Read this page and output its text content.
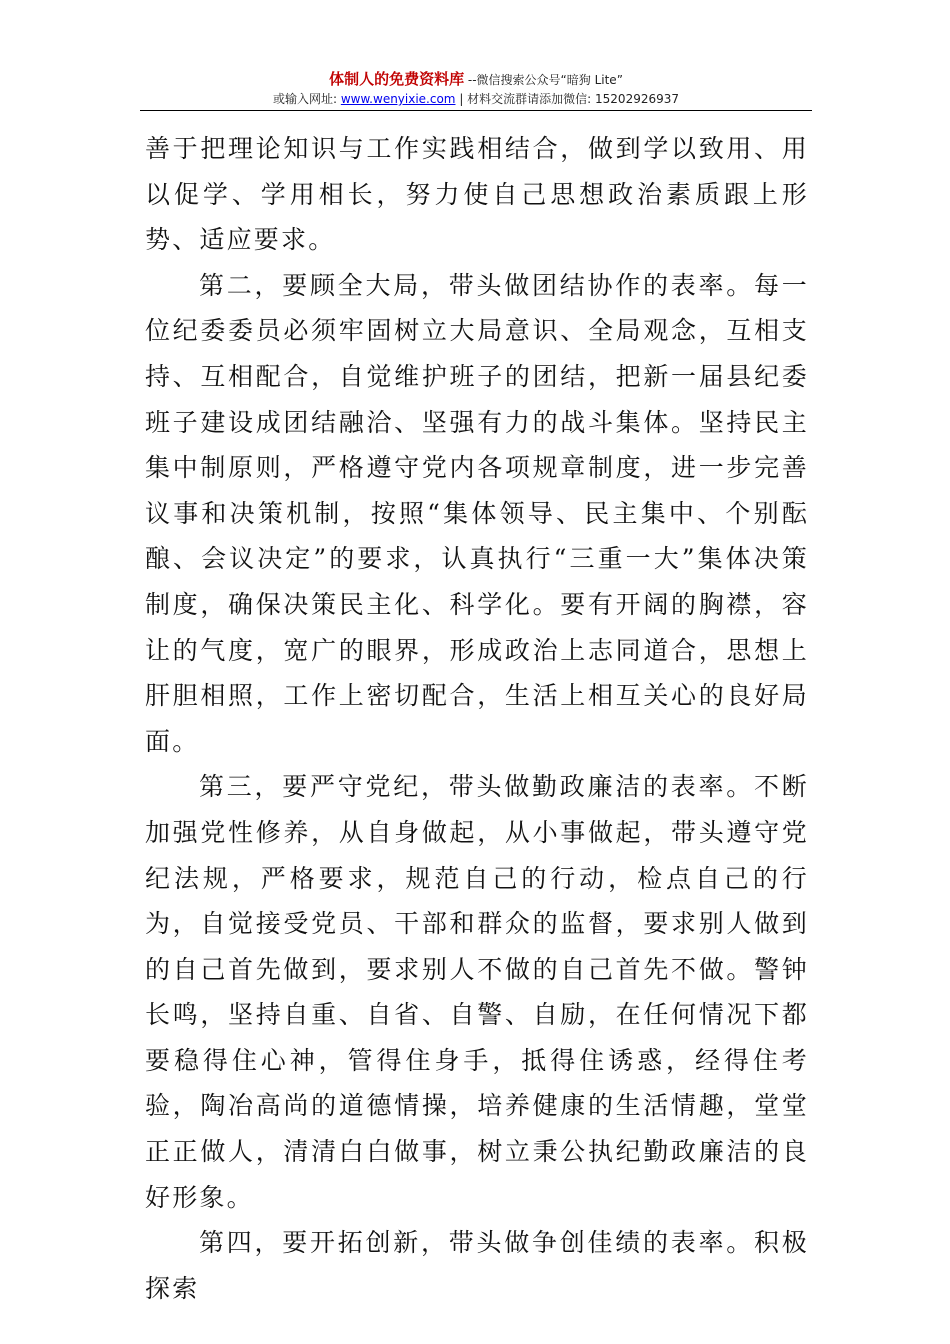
体制人的免费资料库 --微信搜索公众号“暗狗 Lite”
或输入网址: www.wenyixie.com | 材料交流群请添加微信: 15202926937

善于把理论知识与工作实践相结合，做到学以致用、用以促学、学用相长，努力使自己思想政治素质跟上形势、适应要求。

第二，要顾全大局，带头做团结协作的表率。每一位纪委委员必须牢固树立大局意识、全局观念，互相支持、互相配合，自觉维护班子的团结，把新一届县纪委班子建设成团结融洽、坚强有力的战斗集体。坚持民主集中制原则，严格遵守党内各项规章制度，进一步完善议事和决策机制，按照“集体领导、民主集中、个别酝酿、会议决定”的要求，认真执行“三重一大”集体决策制度，确保决策民主化、科学化。要有开阔的胸襟，容让的气度，宽广的眼界，形成政治上志同道合，思想上肝胆相照，工作上密切配合，生活上相互关心的良好局面。

第三，要严守党纪，带头做勤政廉洁的表率。不断加强党性修养，从自身做起，从小事做起，带头遵守党纪法规，严格要求，规范自己的行动，检点自己的行为，自觉接受党员、干部和群众的监督，要求别人做到的自己首先做到，要求别人不做的自己首先不做。警钟长鸣，坚持自重、自省、自警、自励，在任何情况下都要稳得住心神，管得住身手，抵得住诱惑，经得住考验，陶冶高尚的道德情操，培养健康的生活情趣，堂堂正正做人，清清白白做事，树立秉公执纪勤政廉洁的良好形象。

第四，要开拓创新，带头做争创佳绩的表率。积极探索
